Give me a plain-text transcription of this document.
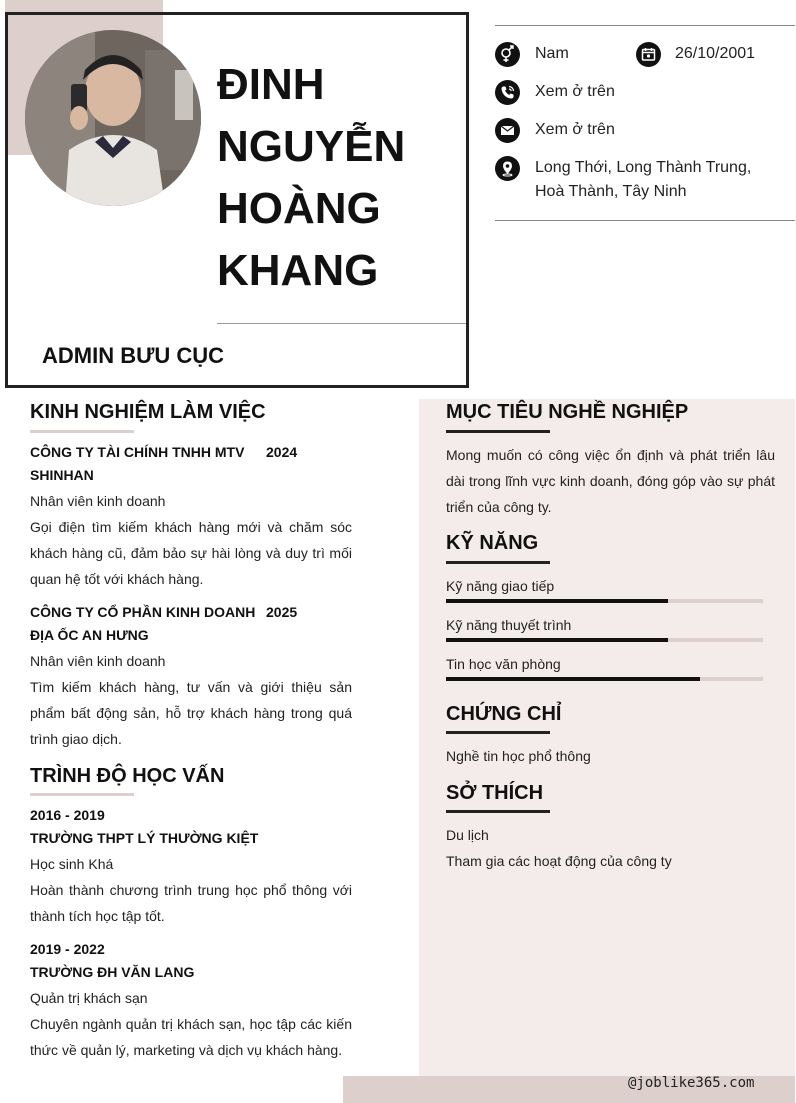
ĐINH NGUYỄN HOÀNG KHANG
ADMIN BƯU CỤC
Nam	26/10/2001
Xem ở trên
Xem ở trên
Long Thới, Long Thành Trung,
Hoà Thành, Tây Ninh
KINH NGHIỆM LÀM VIỆC
CÔNG TY TÀI CHÍNH TNHH MTV	2024
SHINHAN
Nhân viên kinh doanh
Gọi điện tìm kiếm khách hàng mới và chăm sóc khách hàng cũ, đảm bảo sự hài lòng và duy trì mối quan hệ tốt với khách hàng.
CÔNG TY CỔ PHẦN KINH DOANH 2025
ĐỊA ỐC AN HƯNG
Nhân viên kinh doanh
Tìm kiếm khách hàng, tư vấn và giới thiệu sản phẩm bất động sản, hỗ trợ khách hàng trong quá trình giao dịch.
TRÌNH ĐỘ HỌC VẤN
2016 - 2019
TRƯỜNG THPT LÝ THƯỜNG KIỆT
Học sinh Khá
Hoàn thành chương trình trung học phổ thông với thành tích học tập tốt.
2019 - 2022
TRƯỜNG ĐH VĂN LANG
Quản trị khách sạn
Chuyên ngành quản trị khách sạn, học tập các kiến thức về quản lý, marketing và dịch vụ khách hàng.
MỤC TIÊU NGHỀ NGHIỆP
Mong muốn có công việc ổn định và phát triển lâu dài trong lĩnh vực kinh doanh, đóng góp vào sự phát triển của công ty.
KỸ NĂNG
Kỹ năng giao tiếp
Kỹ năng thuyết trình
Tin học văn phòng
CHỨNG CHỈ
Nghề tin học phổ thông
SỞ THÍCH
Du lịch
Tham gia các hoạt động của công ty
@joblike365.com
